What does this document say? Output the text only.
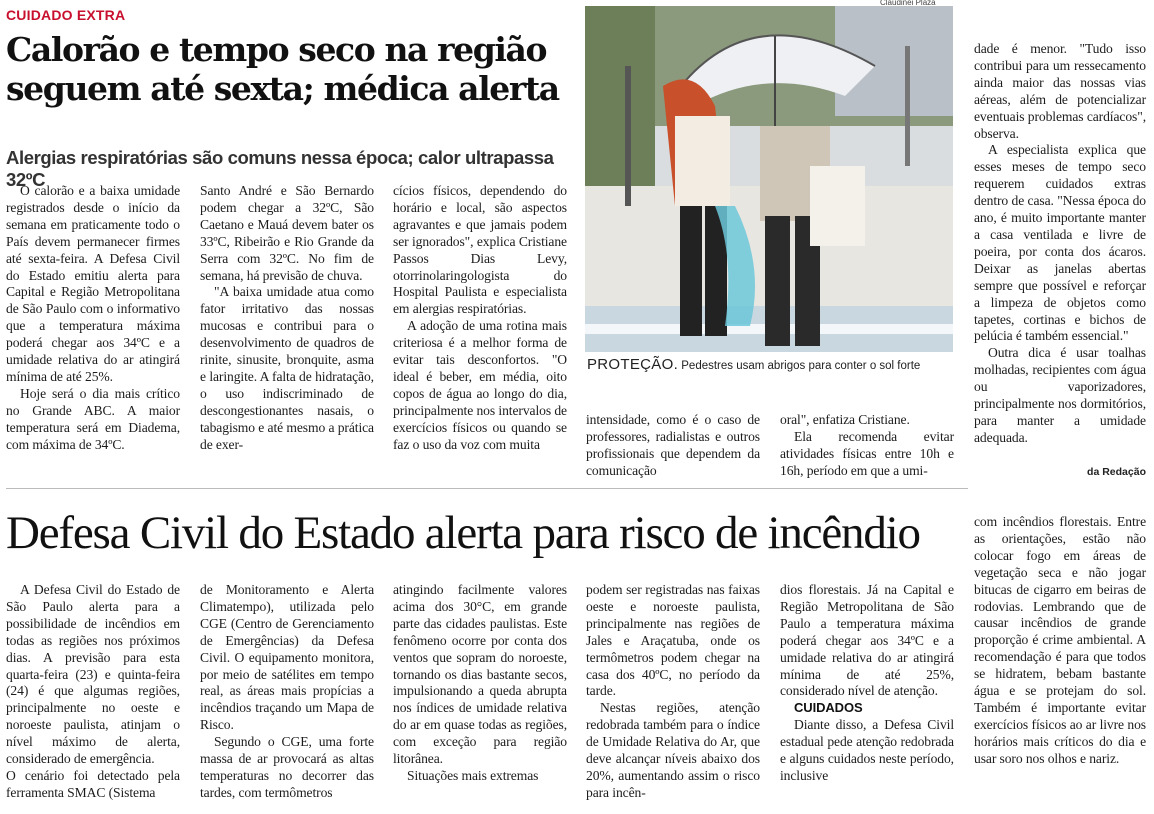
CUIDADO EXTRA
Calorão e tempo seco na região seguem até sexta; médica alerta
Alergias respiratórias são comuns nessa época; calor ultrapassa 32ºC

O calorão e a baixa umidade registrados desde o início da semana em praticamente todo o País devem permanecer firmes até sexta-feira. A Defesa Civil do Estado emitiu alerta para Capital e Região Metropolitana de São Paulo com o informativo que a temperatura máxima poderá chegar aos 34ºC e a umidade relativa do ar atingirá mínima de até 25%.

Hoje será o dia mais crítico no Grande ABC. A maior temperatura será em Diadema, com máxima de 34ºC.

Santo André e São Bernardo podem chegar a 32ºC, São Caetano e Mauá devem bater os 33ºC, Ribeirão e Rio Grande da Serra com 32ºC. No fim de semana, há previsão de chuva.

"A baixa umidade atua como fator irritativo das nossas mucosas e contribui para o desenvolvimento de quadros de rinite, sinusite, bronquite, asma e laringite. A falta de hidratação, o uso indiscriminado de descongestionantes nasais, o tabagismo e até mesmo a prática de exer-

cícios físicos, dependendo do horário e local, são aspectos agravantes e que jamais podem ser ignorados", explica Cristiane Passos Dias Levy, otorrinolaringologista do Hospital Paulista e especialista em alergias respiratórias.

A adoção de uma rotina mais criteriosa é a melhor forma de evitar tais desconfortos. "O ideal é beber, em média, oito copos de água ao longo do dia, principalmente nos intervalos de exercícios físicos ou quando se faz o uso da voz com muita

Claudinei Plaza
PROTEÇÃO. Pedestres usam abrigos para conter o sol forte

intensidade, como é o caso de professores, radialistas e outros profissionais que dependem da comunicação

oral", enfatiza Cristiane.

Ela recomenda evitar atividades físicas entre 10h e 16h, período em que a umi-

dade é menor. "Tudo isso contribui para um ressecamento ainda maior das nossas vias aéreas, além de potencializar eventuais problemas cardíacos", observa.

A especialista explica que esses meses de tempo seco requerem cuidados extras dentro de casa. "Nessa época do ano, é muito importante manter a casa ventilada e livre de poeira, por conta dos ácaros. Deixar as janelas abertas sempre que possível e reforçar a limpeza de objetos como tapetes, cortinas e bichos de pelúcia é também essencial."

Outra dica é usar toalhas molhadas, recipientes com água ou vaporizadores, principalmente nos dormitórios, para manter a umidade adequada.

da Redação
Defesa Civil do Estado alerta para risco de incêndio

A Defesa Civil do Estado de São Paulo alerta para a possibilidade de incêndios em todas as regiões nos próximos dias. A previsão para esta quarta-feira (23) e quinta-feira (24) é que algumas regiões, principalmente no oeste e noroeste paulista, atinjam o nível máximo de alerta, considerado de emergência.

O cenário foi detectado pela ferramenta SMAC (Sistema

de Monitoramento e Alerta Climatempo), utilizada pelo CGE (Centro de Gerenciamento de Emergências) da Defesa Civil. O equipamento monitora, por meio de satélites em tempo real, as áreas mais propícias a incêndios traçando um Mapa de Risco.

Segundo o CGE, uma forte massa de ar provocará as altas temperaturas no decorrer das tardes, com termômetros

atingindo facilmente valores acima dos 30°C, em grande parte das cidades paulistas. Este fenômeno ocorre por conta dos ventos que sopram do noroeste, tornando os dias bastante secos, impulsionando a queda abrupta nos índices de umidade relativa do ar em quase todas as regiões, com exceção para região litorânea.

Situações mais extremas

podem ser registradas nas faixas oeste e noroeste paulista, principalmente nas regiões de Jales e Araçatuba, onde os termômetros podem chegar na casa dos 40ºC, no período da tarde.

Nestas regiões, atenção redobrada também para o índice de Umidade Relativa do Ar, que deve alcançar níveis abaixo dos 20%, aumentando assim o risco para incên-

dios florestais. Já na Capital e Região Metropolitana de São Paulo a temperatura máxima poderá chegar aos 34ºC e a umidade relativa do ar atingirá mínima de até 25%, considerado nível de atenção.

CUIDADOS

Diante disso, a Defesa Civil estadual pede atenção redobrada e alguns cuidados neste período, inclusive

com incêndios florestais. Entre as orientações, estão não colocar fogo em áreas de vegetação seca e não jogar bitucas de cigarro em beiras de rodovias. Lembrando que de causar incêndios de grande proporção é crime ambiental. A recomendação é para que todos se hidratem, bebam bastante água e se protejam do sol. Também é importante evitar exercícios físicos ao ar livre nos horários mais críticos do dia e usar soro nos olhos e nariz.
